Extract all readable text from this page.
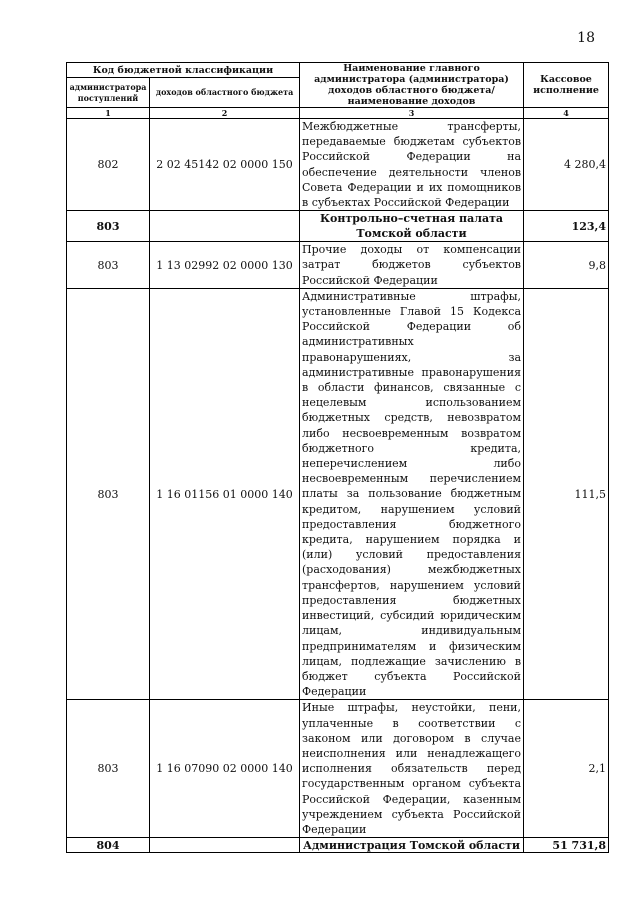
18
Код бюджетной классификации		Наименование главного администратора (администратора) доходов областного бюджета/ наименование доходов	Кассовое исполнение
администратора поступлений	доходов областного бюджета		
1	2	3	4
802	2 02 45142 02 0000 150	Межбюджетные трансферты, передаваемые бюджетам субъектов Российской Федерации на обеспечение деятельности членов Совета Федерации и их помощников в субъектах Российской Федерации	4 280,4
803		Контрольно–счетная палата Томской области	123,4
803	1 13 02992 02 0000 130	Прочие доходы от компенсации затрат бюджетов субъектов Российской Федерации	9,8
803	1 16 01156 01 0000 140	Административные штрафы, установленные Главой 15 Кодекса Российской Федерации об административных правонарушениях, за административные правонарушения в области финансов, связанные с нецелевым использованием бюджетных средств, невозвратом либо несвоевременным возвратом бюджетного кредита, неперечислением либо несвоевременным перечислением платы за пользование бюджетным кредитом, нарушением условий предоставления бюджетного кредита, нарушением порядка и (или) условий предоставления (расходования) межбюджетных трансфертов, нарушением условий предоставления бюджетных инвестиций, субсидий юридическим лицам, индивидуальным предпринимателям и физическим лицам, подлежащие зачислению в бюджет субъекта Российской Федерации	111,5
803	1 16 07090 02 0000 140	Иные штрафы, неустойки, пени, уплаченные в соответствии с законом или договором в случае неисполнения или ненадлежащего исполнения обязательств перед государственным органом субъекта Российской Федерации, казенным учреждением субъекта Российской Федерации	2,1
804		Администрация Томской области	51 731,8
